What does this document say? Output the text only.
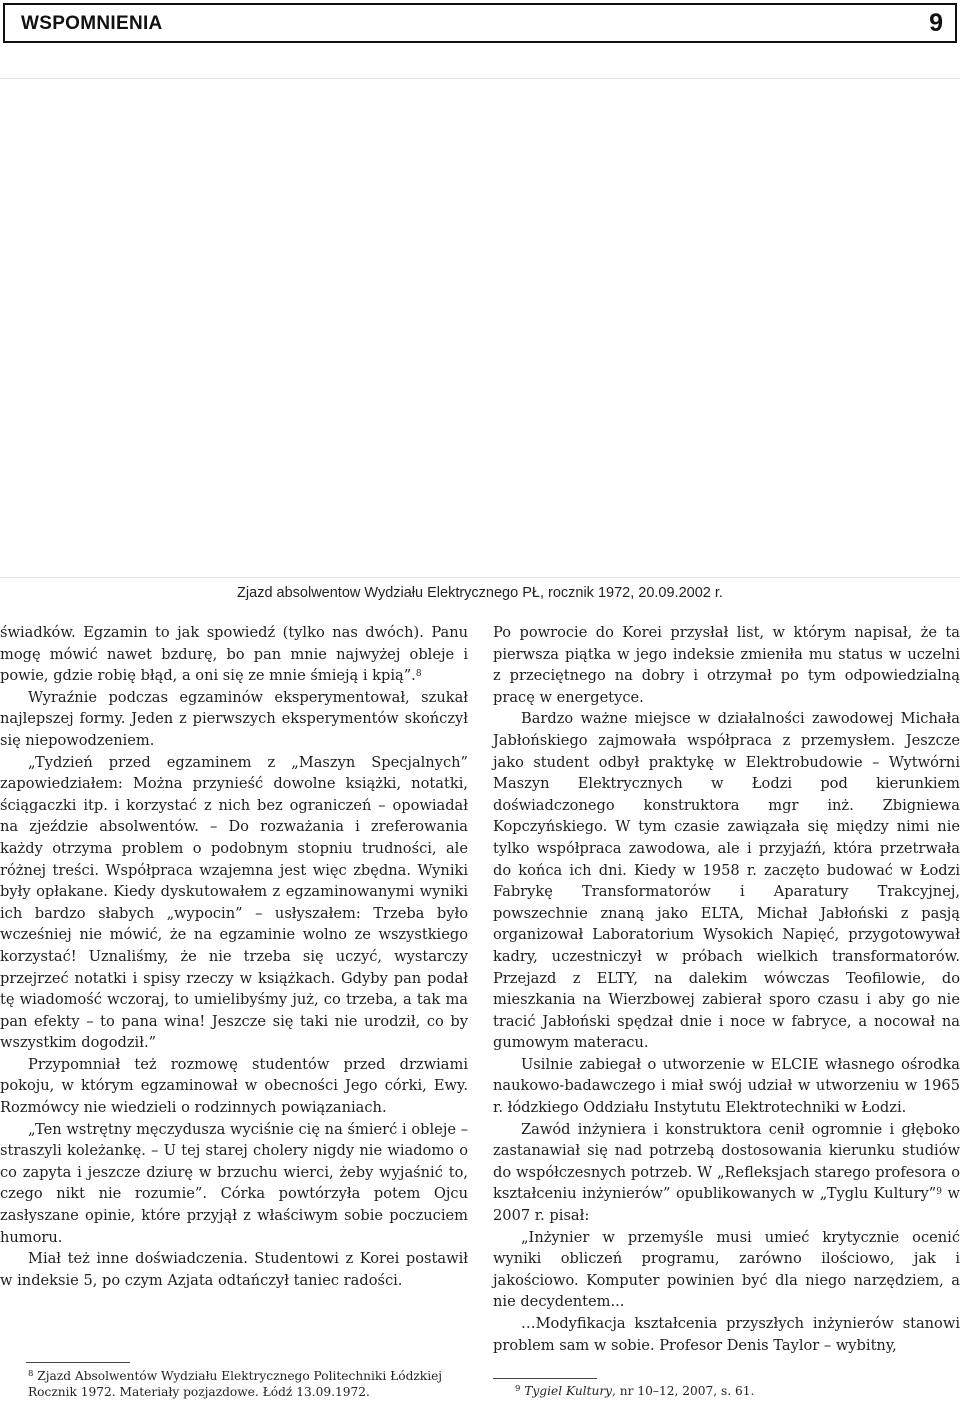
WSPOMNIENIA	9
Zjazd absolwentow Wydziału Elektrycznego PŁ, rocznik 1972, 20.09.2002 r.

świadków. Egzamin to jak spowiedź (tylko nas dwóch). Panu mogę mówić nawet bzdurę, bo pan mnie najwyżej obleje i powie, gdzie robię błąd, a oni się ze mnie śmieją i kpią”.$^8$

Wyraźnie podczas egzaminów eksperymentował, szukał najlepszej formy. Jeden z pierwszych eksperymentów skończył się niepowodzeniem.

„Tydzień przed egzaminem z „Maszyn Specjalnych” zapowiedziałem: Można przynieść dowolne książki, notatki, ściągaczki itp. i korzystać z nich bez ograniczeń – opowiadał na zjeździe absolwentów. – Do rozważania i zreferowania każdy otrzyma problem o podobnym stopniu trudności, ale różnej treści. Współpraca wzajemna jest więc zbędna. Wyniki były opłakane. Kiedy dyskutowałem z egzaminowanymi wyniki ich bardzo słabych „wypocin” – usłyszałem: Trzeba było wcześniej nie mówić, że na egzaminie wolno ze wszystkiego korzystać! Uznaliśmy, że nie trzeba się uczyć, wystarczy przejrzeć notatki i spisy rzeczy w książkach. Gdyby pan podał tę wiadomość wczoraj, to umielibyśmy już, co trzeba, a tak ma pan efekty – to pana wina! Jeszcze się taki nie urodził, co by wszystkim dogodził.”

Przypomniał też rozmowę studentów przed drzwiami pokoju, w którym egzaminował w obecności Jego córki, Ewy. Rozmówcy nie wiedzieli o rodzinnych powiązaniach.

„Ten wstrętny męczydusza wyciśnie cię na śmierć i obleje – straszyli koleżankę. – U tej starej cholery nigdy nie wiadomo o co zapyta i jeszcze dziurę w brzuchu wierci, żeby wyjaśnić to, czego nikt nie rozumie”. Córka powtórzyła potem Ojcu zasłyszane opinie, które przyjął z właściwym sobie poczuciem humoru.

Miał też inne doświadczenia. Studentowi z Korei postawił w indeksie 5, po czym Azjata odtańczył taniec radości.

Po powrocie do Korei przysłał list, w którym napisał, że ta pierwsza piątka w jego indeksie zmieniła mu status w uczelni z przeciętnego na dobry i otrzymał po tym odpowiedzialną pracę w energetyce.

Bardzo ważne miejsce w działalności zawodowej Michała Jabłońskiego zajmowała współpraca z przemysłem. Jeszcze jako student odbył praktykę w Elektrobudowie – Wytwórni Maszyn Elektrycznych w Łodzi pod kierunkiem doświadczonego konstruktora mgr inż. Zbigniewa Kopczyńskiego. W tym czasie zawiązała się między nimi nie tylko współpraca zawodowa, ale i przyjaźń, która przetrwała do końca ich dni. Kiedy w 1958 r. zaczęto budować w Łodzi Fabrykę Transformatorów i Aparatury Trakcyjnej, powszechnie znaną jako ELTA, Michał Jabłoński z pasją organizował Laboratorium Wysokich Napięć, przygotowywał kadry, uczestniczył w próbach wielkich transformatorów. Przejazd z ELTY, na dalekim wówczas Teofilowie, do mieszkania na Wierzbowej zabierał sporo czasu i aby go nie tracić Jabłoński spędzał dnie i noce w fabryce, a nocował na gumowym materacu.

Usilnie zabiegał o utworzenie w ELCIE własnego ośrodka naukowo-badawczego i miał swój udział w utworzeniu w 1965 r. łódzkiego Oddziału Instytutu Elektrotechniki w Łodzi.

Zawód inżyniera i konstruktora cenił ogromnie i głęboko zastanawiał się nad potrzebą dostosowania kierunku studiów do współczesnych potrzeb. W „Refleksjach starego profesora o kształceniu inżynierów” opublikowanych w „Tyglu Kultury”$^9$ w 2007 r. pisał:

„Inżynier w przemyśle musi umieć krytycznie ocenić wyniki obliczeń programu, zarówno ilościowo, jak i jakościowo. Komputer powinien być dla niego narzędziem, a nie decydentem...

…Modyfikacja kształcenia przyszłych inżynierów stanowi problem sam w sobie. Profesor Denis Taylor – wybitny,

$^8$ Zjazd Absolwentów Wydziału Elektrycznego Politechniki Łódzkiej Rocznik 1972. Materiały pozjazdowe. Łódź 13.09.1972.	$^9$ Tygiel Kultury, nr 10–12, 2007, s. 61.
